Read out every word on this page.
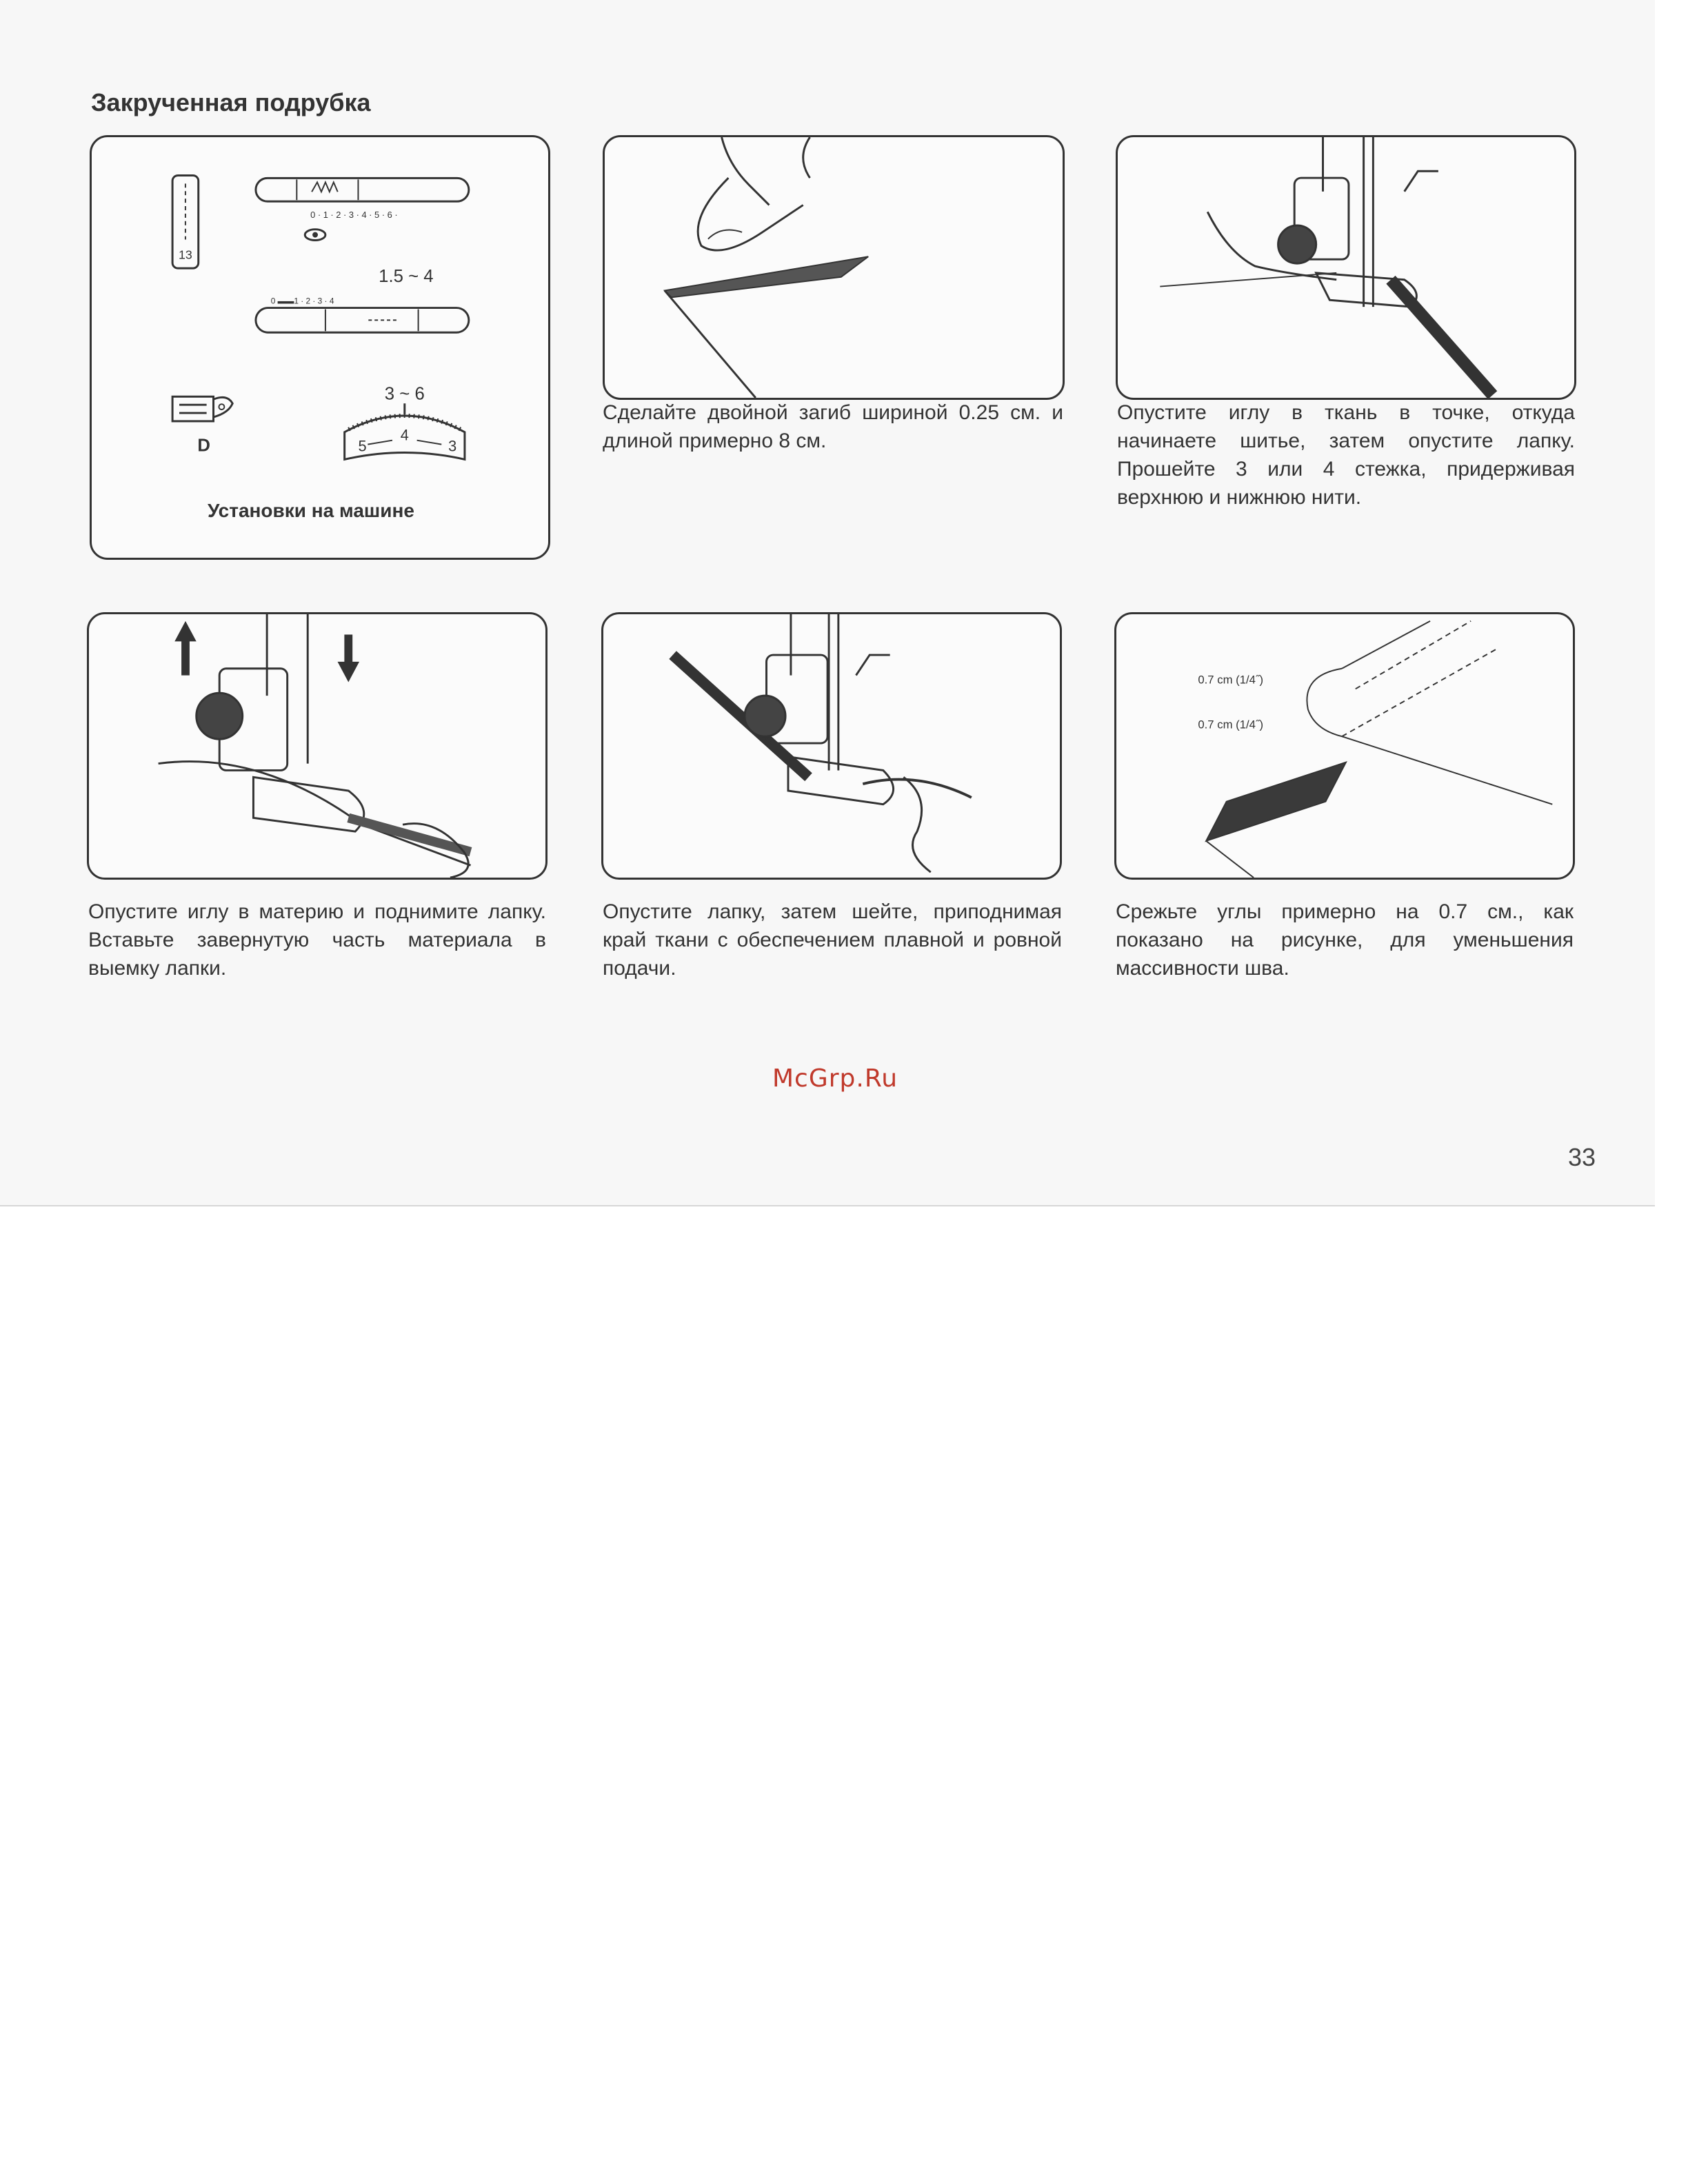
Закрученная подрубка
13
0 · 1 · 2 · 3 · 4 · 5 · 6 ·
1.5 ~ 4
0 ▬▬1 · 2 · 3 · 4
D
3 ~ 6
5
4
3
Установки на машине
Сделайте двойной загиб шириной 0.25 см. и длиной примерно 8 см.
Опустите иглу в ткань в точке, откуда начинаете шитье, затем опустите лапку. Прошейте 3 или 4 стежка, придерживая верхнюю и нижнюю нити.
Опустите иглу в материю и поднимите лапку. Вставьте завернутую часть материала в выемку лапки.
Опустите лапку, затем шейте, приподнимая край ткани с обеспечением плавной и ровной подачи.
0.7 cm (1/4˝)
0.7 cm (1/4˝)
Срежьте углы примерно на 0.7 см., как показано на рисунке, для уменьшения массивности шва.
McGrp.Ru
33
